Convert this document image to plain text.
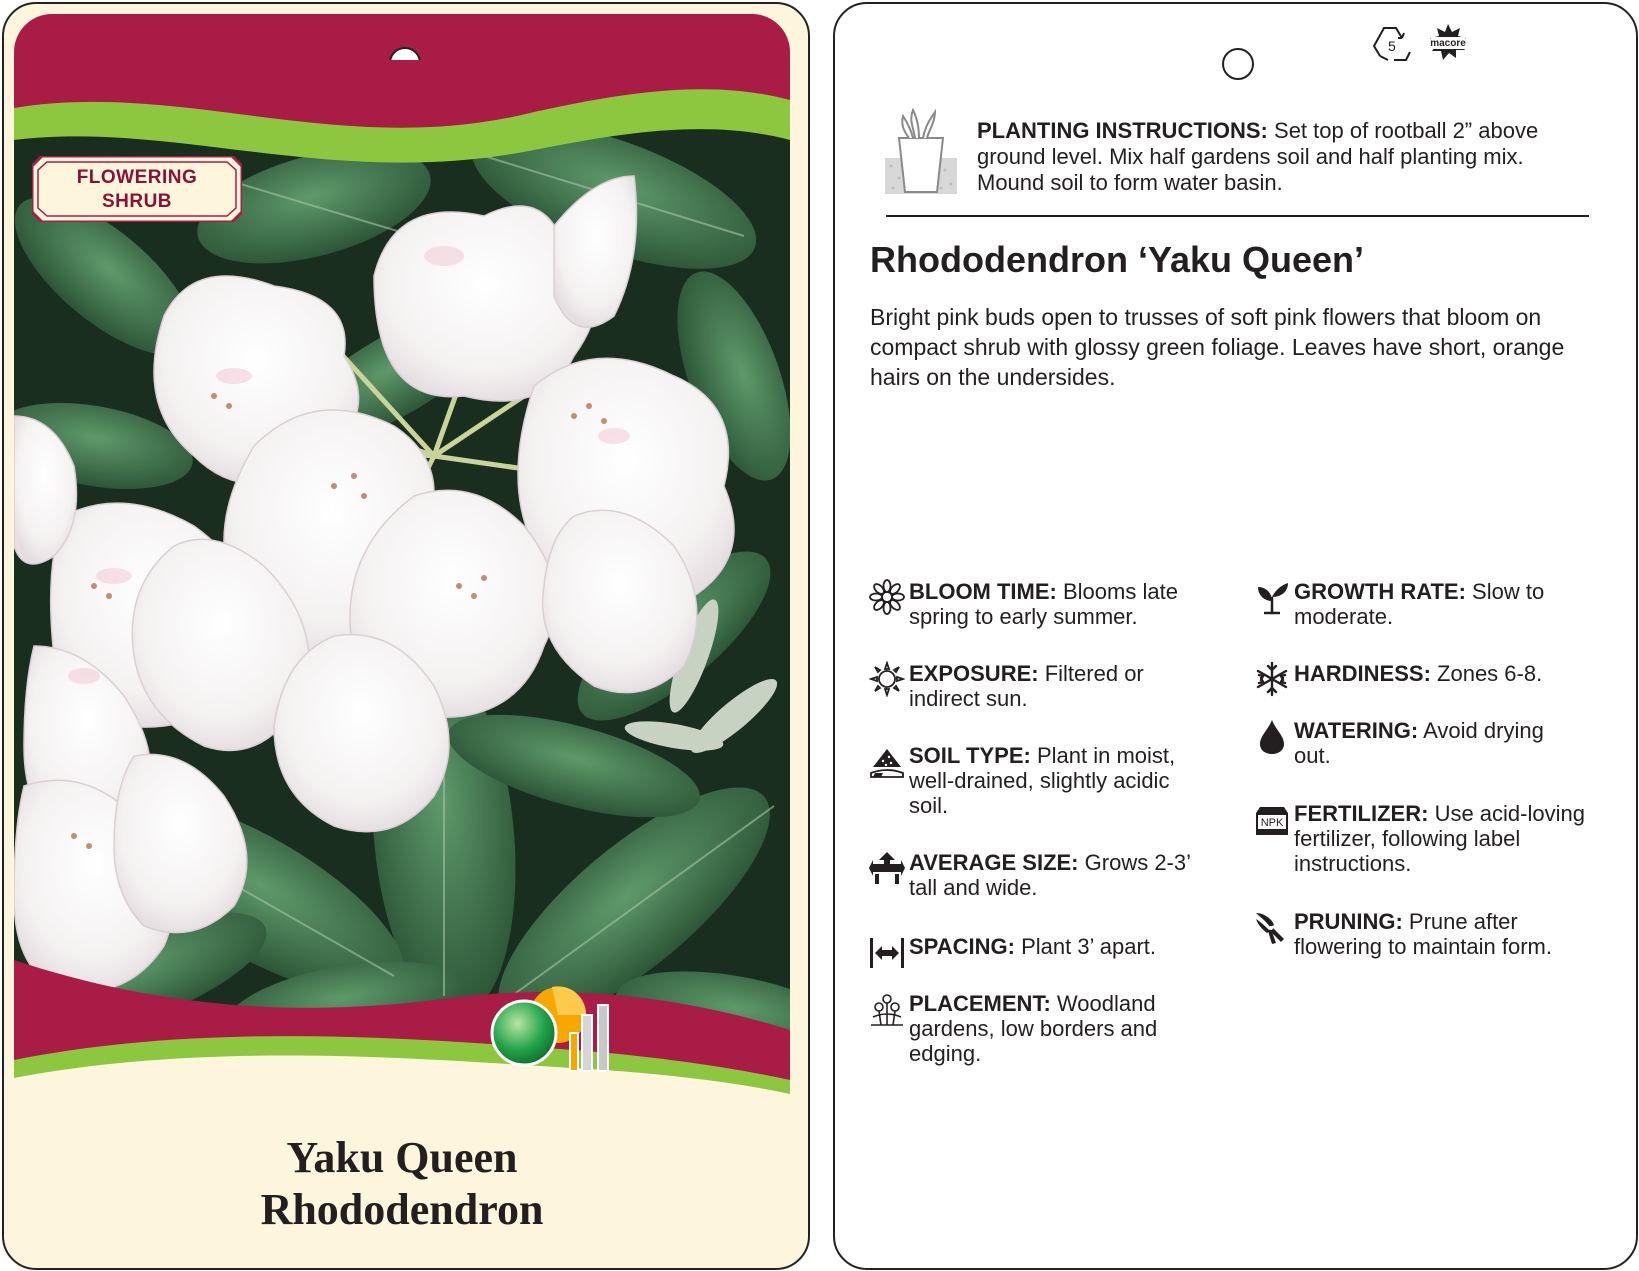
FLOWERING
SHRUB
Yaku Queen
Rhododendron
5	macore
PLANTING INSTRUCTIONS: Set top of rootball 2” above ground level. Mix half gardens soil and half planting mix. Mound soil to form water basin.
Rhododendron ‘Yaku Queen’
Bright pink buds open to trusses of soft pink flowers that bloom on compact shrub with glossy green foliage. Leaves have short, orange hairs on the undersides.
BLOOM TIME: Blooms late spring to early summer.
EXPOSURE: Filtered or indirect sun.
SOIL TYPE: Plant in moist, well-drained, slightly acidic soil.
AVERAGE SIZE: Grows 2-3’ tall and wide.
SPACING: Plant 3’ apart.
PLACEMENT: Woodland gardens, low borders and edging.
GROWTH RATE: Slow to moderate.
HARDINESS: Zones 6-8.
WATERING: Avoid drying out.
NPK FERTILIZER: Use acid-loving fertilizer, following label instructions.
PRUNING: Prune after flowering to maintain form.
